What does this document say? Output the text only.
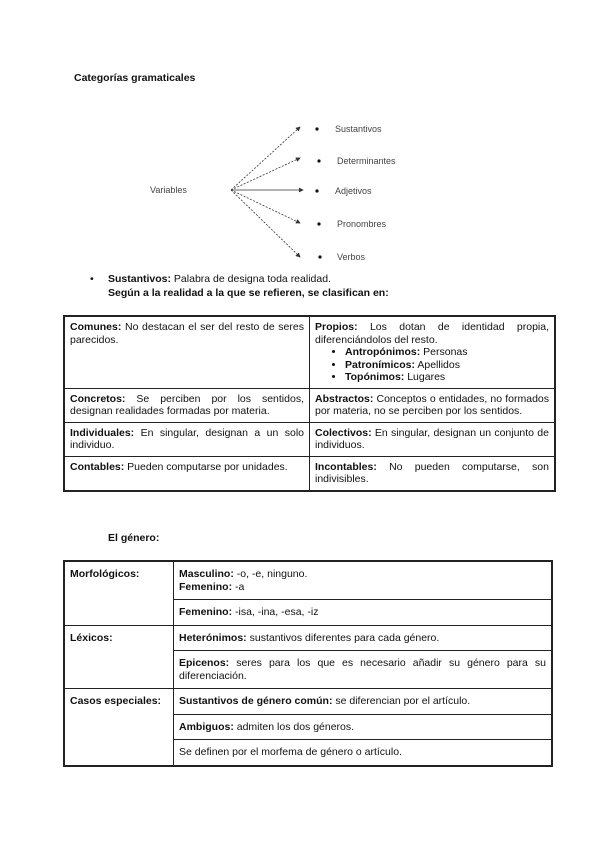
Categorías gramaticales
Variables
Sustantivos
Determinantes
Adjetivos
Pronombres
Verbos
•	Sustantivos: Palabra de designa toda realidad.
Según a la realidad a la que se refieren, se clasifican en:
Comunes: No destacan el ser del resto de seres parecidos.	Propios: Los dotan de identidad propia, diferenciándolos del resto.
• Antropónimos: Personas
• Patronímicos: Apellidos
• Topónimos: Lugares

Concretos: Se perciben por los sentidos, designan realidades formadas por materia.	Abstractos: Conceptos o entidades, no formados por materia, no se perciben por los sentidos.
Individuales: En singular, designan a un solo individuo.	Colectivos: En singular, designan un conjunto de individuos.
Contables: Pueden computarse por unidades.	Incontables: No pueden computarse, son indivisibles.
El género:
Morfológicos:	Masculino: -o, -e, ninguno.
Femenino: -a
	Femenino: -isa, -ina, -esa, -iz
Léxicos:	Heterónimos: sustantivos diferentes para cada género.
	Epicenos: seres para los que es necesario añadir su género para su diferenciación.
Casos especiales:	Sustantivos de género común: se diferencian por el artículo.
	Ambiguos: admiten los dos géneros.
	Se definen por el morfema de género o artículo.
